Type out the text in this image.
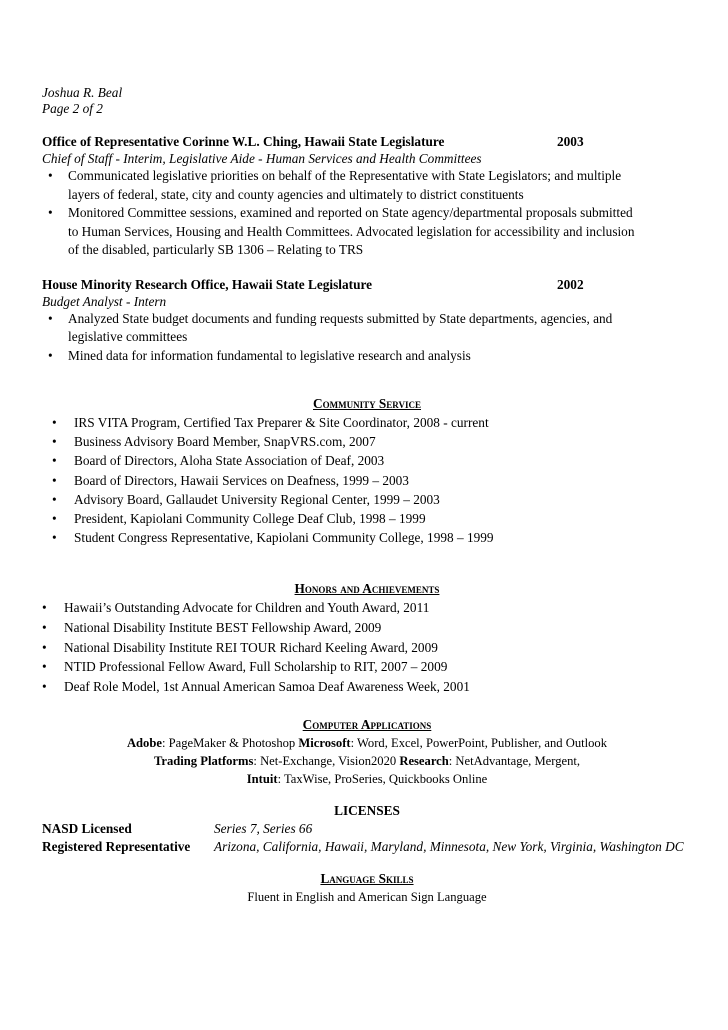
Joshua R. Beal
Page 2 of 2
Office of Representative Corinne W.L. Ching, Hawaii State Legislature	2003
Chief of Staff - Interim, Legislative Aide - Human Services and Health Committees
• Communicated legislative priorities on behalf of the Representative with State Legislators; and multiple
layers of federal, state, city and county agencies and ultimately to district constituents
• Monitored Committee sessions, examined and reported on State agency/departmental proposals submitted
to Human Services, Housing and Health Committees. Advocated legislation for accessibility and inclusion
of the disabled, particularly SB 1306 – Relating to TRS
House Minority Research Office, Hawaii State Legislature	2002
Budget Analyst - Intern
• Analyzed State budget documents and funding requests submitted by State departments, agencies, and
legislative committees
• Mined data for information fundamental to legislative research and analysis
Community Service
• IRS VITA Program, Certified Tax Preparer & Site Coordinator, 2008 - current
• Business Advisory Board Member, SnapVRS.com, 2007
• Board of Directors, Aloha State Association of Deaf, 2003
• Board of Directors, Hawaii Services on Deafness, 1999 – 2003
• Advisory Board, Gallaudet University Regional Center, 1999 – 2003
• President, Kapiolani Community College Deaf Club, 1998 – 1999
• Student Congress Representative, Kapiolani Community College, 1998 – 1999
Honors and Achievements
• Hawaii’s Outstanding Advocate for Children and Youth Award, 2011
• National Disability Institute BEST Fellowship Award, 2009
• National Disability Institute REI TOUR Richard Keeling Award, 2009
• NTID Professional Fellow Award, Full Scholarship to RIT, 2007 – 2009
• Deaf Role Model, 1st Annual American Samoa Deaf Awareness Week, 2001
Computer Applications
Adobe: PageMaker & Photoshop Microsoft: Word, Excel, PowerPoint, Publisher, and Outlook
Trading Platforms: Net-Exchange, Vision2020 Research: NetAdvantage, Mergent,
Intuit: TaxWise, ProSeries, Quickbooks Online
LICENSES
NASD Licensed	Series 7, Series 66
Registered Representative Arizona, California, Hawaii, Maryland, Minnesota, New York, Virginia, Washington DC
Language Skills
Fluent in English and American Sign Language
